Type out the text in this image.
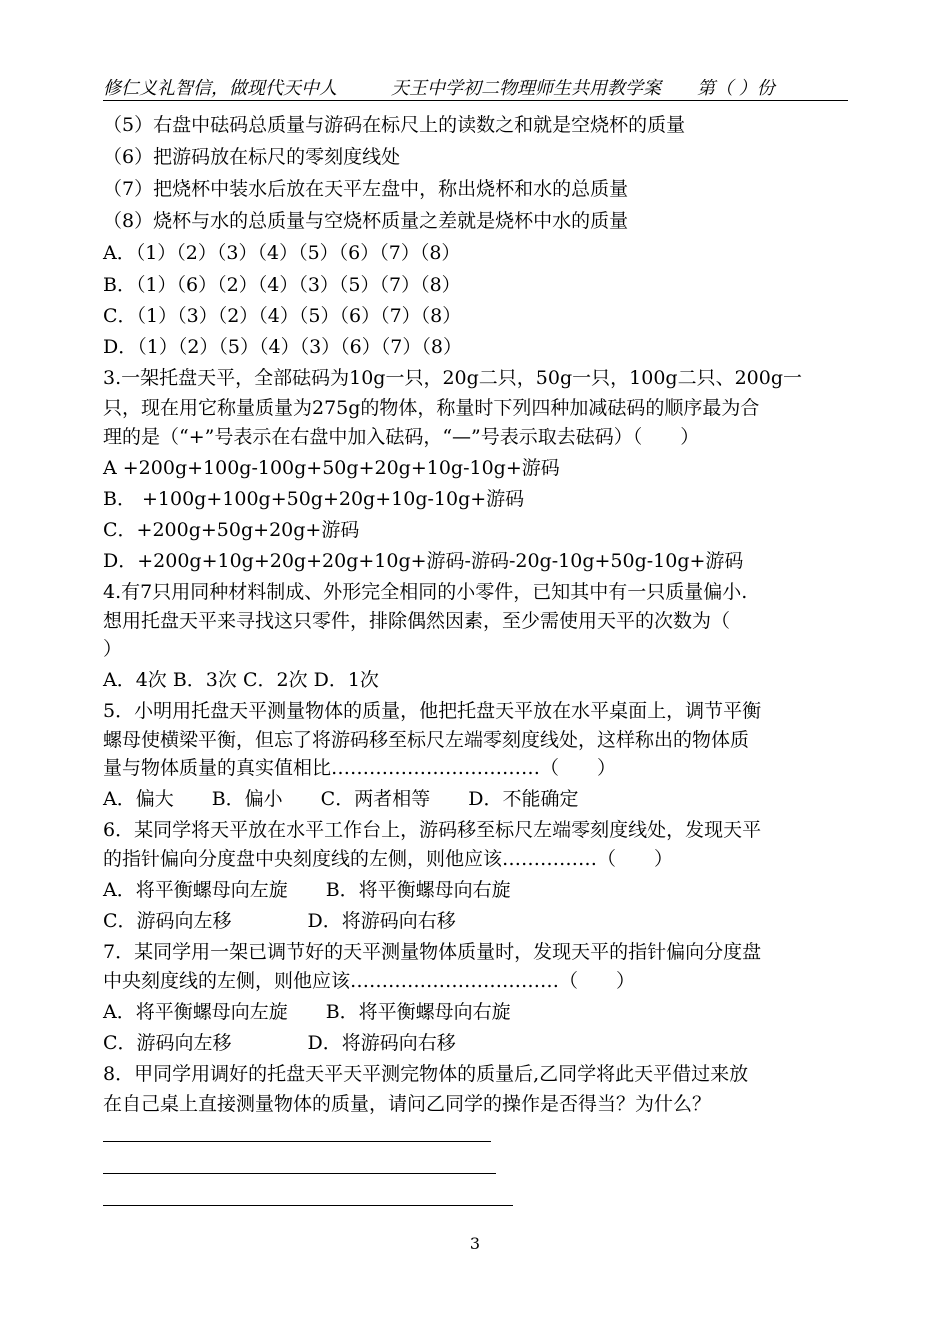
修仁义礼智信，做现代天中人	天王中学初二物理师生共用教学案 第（ ）份
（5）右盘中砝码总质量与游码在标尺上的读数之和就是空烧杯的质量
（6）把游码放在标尺的零刻度线处
（7）把烧杯中装水后放在天平左盘中，称出烧杯和水的总质量
（8）烧杯与水的总质量与空烧杯质量之差就是烧杯中水的质量
A．（1）（2）（3）（4）（5）（6）（7）（8）
B．（1）（6）（2）（4）（3）（5）（7）（8）
C．（1）（3）（2）（4）（5）（6）（7）（8）
D．（1）（2）（5）（4）（3）（6）（7）（8）
3.一架托盘天平，全部砝码为10g一只，20g二只，50g一只，100g二只、200g一
只，现在用它称量质量为275g的物体，称量时下列四种加减砝码的顺序最为合
理的是（“+”号表示在右盘中加入砝码，“—”号表示取去砝码）（　　）
A +200g+100g-100g+50g+20g+10g-10g+游码
B． +100g+100g+50g+20g+10g-10g+游码
C．+200g+50g+20g+游码
D．+200g+10g+20g+20g+10g+游码-游码-20g-10g+50g-10g+游码
4.有7只用同种材料制成、外形完全相同的小零件，已知其中有一只质量偏小.
想用托盘天平来寻找这只零件，排除偶然因素，至少需使用天平的次数为（
）
A．4次 B．3次 C．2次 D．1次
5．小明用托盘天平测量物体的质量，他把托盘天平放在水平桌面上，调节平衡
螺母使横梁平衡，但忘了将游码移至标尺左端零刻度线处，这样称出的物体质
量与物体质量的真实值相比……………………………（　　）
A．偏大　　B．偏小　　C．两者相等　　D．不能确定
6．某同学将天平放在水平工作台上，游码移至标尺左端零刻度线处，发现天平
的指针偏向分度盘中央刻度线的左侧，则他应该……………（　　）
A．将平衡螺母向左旋　　B．将平衡螺母向右旋
C．游码向左移　　　　D．将游码向右移
7．某同学用一架已调节好的天平测量物体质量时，发现天平的指针偏向分度盘
中央刻度线的左侧，则他应该……………………………（　　）
A．将平衡螺母向左旋　　B．将平衡螺母向右旋
C．游码向左移　　　　D．将游码向右移
8．甲同学用调好的托盘天平天平测完物体的质量后,乙同学将此天平借过来放
在自己桌上直接测量物体的质量，请问乙同学的操作是否得当？为什么？
3
